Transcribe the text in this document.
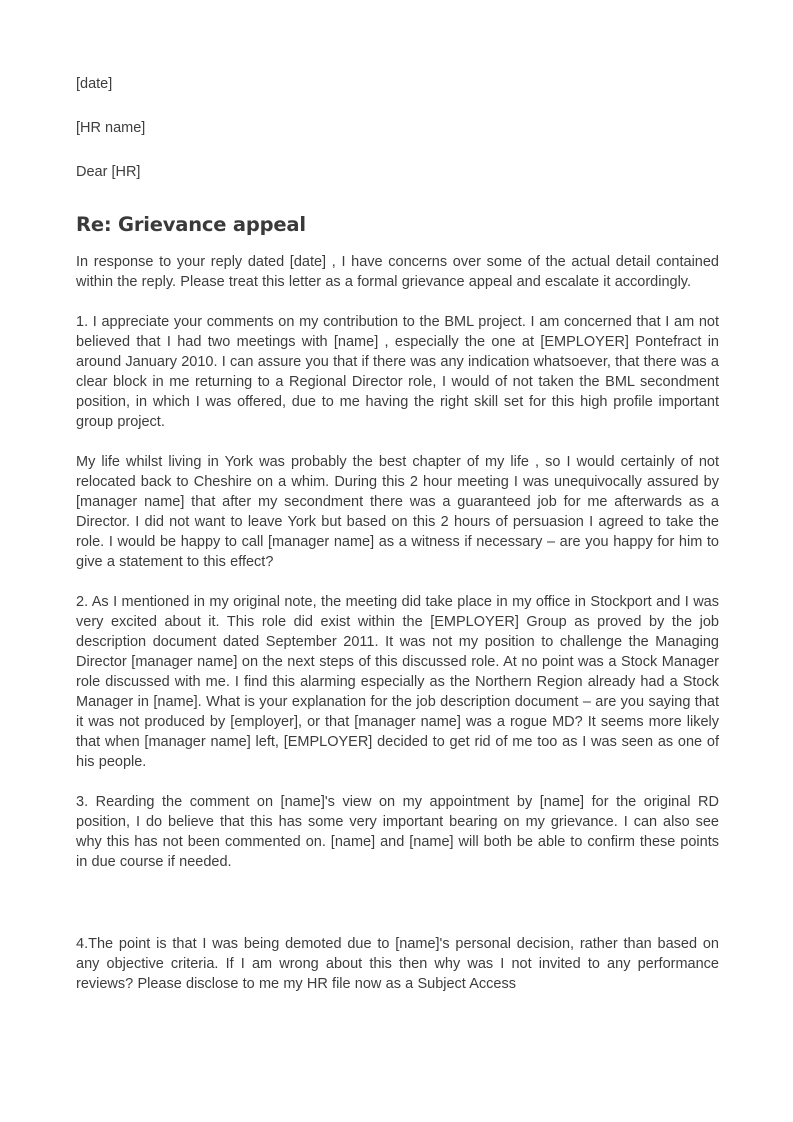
[date]

[HR name]

Dear [HR]

Re: Grievance appeal

In response to your reply dated [date] , I have concerns over some of the actual detail contained within the reply. Please treat this letter as a formal grievance appeal and escalate it accordingly.

1. I appreciate your comments on my contribution to the BML project. I am concerned that I am not believed that I had two meetings with [name] , especially the one at [EMPLOYER] Pontefract in around January 2010. I can assure you that if there was any indication whatsoever, that there was a clear block in me returning to a Regional Director role, I would of not taken the BML secondment position, in which I was offered, due to me having the right skill set for this high profile important group project.

My life whilst living in York was probably the best chapter of my life , so I would certainly of not relocated back to Cheshire on a whim. During this 2 hour meeting I was unequivocally assured by [manager name] that after my secondment there was a guaranteed job for me afterwards as a Director. I did not want to leave York but based on this 2 hours of persuasion I agreed to take the role. I would be happy to call [manager name] as a witness if necessary – are you happy for him to give a statement to this effect?

2. As I mentioned in my original note, the meeting did take place in my office in Stockport and I was very excited about it. This role did exist within the [EMPLOYER] Group as proved by the job description document dated September 2011. It was not my position to challenge the Managing Director [manager name] on the next steps of this discussed role. At no point was a Stock Manager role discussed with me. I find this alarming especially as the Northern Region already had a Stock Manager in [name]. What is your explanation for the job description document – are you saying that it was not produced by [employer], or that [manager name] was a rogue MD? It seems more likely that when [manager name] left, [EMPLOYER] decided to get rid of me too as I was seen as one of his people.

3. Rearding the comment on [name]'s view on my appointment by [name] for the original RD position, I do believe that this has some very important bearing on my grievance. I can also see why this has not been commented on. [name] and [name] will both be able to confirm these points in due course if needed.

4.The point is that I was being demoted due to [name]'s personal decision, rather than based on any objective criteria. If I am wrong about this then why was I not invited to any performance reviews? Please disclose to me my HR file now as a Subject Access
